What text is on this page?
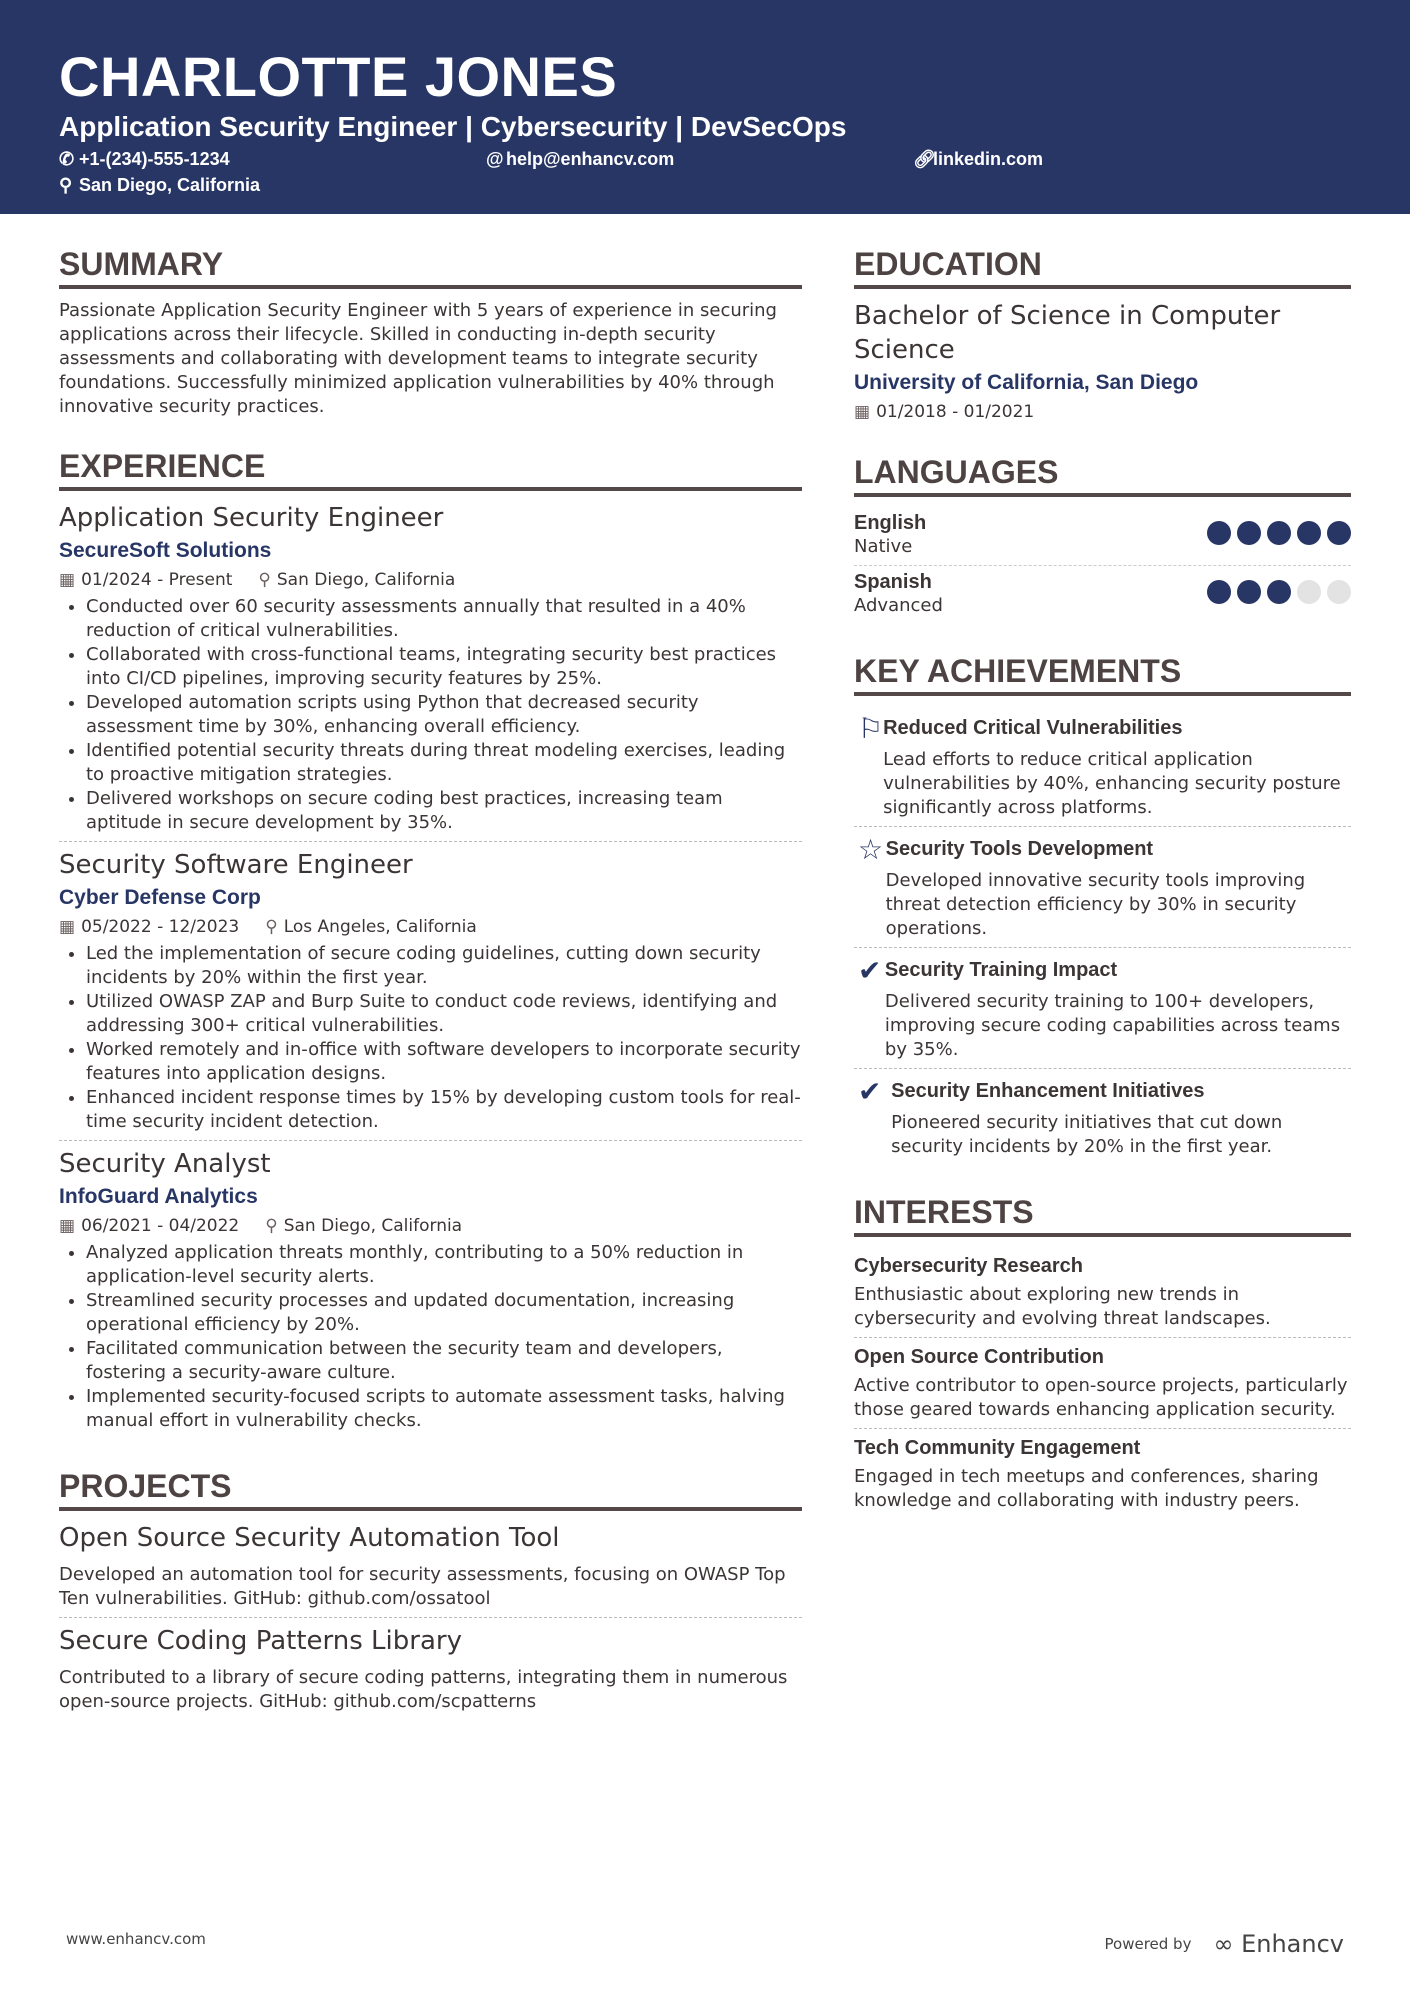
CHARLOTTE JONES
Application Security Engineer | Cybersecurity | DevSecOps
✆ +1-(234)-555-1234	@ help@enhancv.com	🔗︎linkedin.com
⚲ San Diego, California
SUMMARY

Passionate Application Security Engineer with 5 years of experience in securing applications across their lifecycle. Skilled in conducting in-depth security assessments and collaborating with development teams to integrate security foundations. Successfully minimized application vulnerabilities by 40% through innovative security practices.

EXPERIENCE
Application Security Engineer
SecureSoft Solutions
▦ 01/2024 - Present ⚲ San Diego, California
• Conducted over 60 security assessments annually that resulted in a 40% reduction of critical vulnerabilities.
• Collaborated with cross-functional teams, integrating security best practices into CI/CD pipelines, improving security features by 25%.
• Developed automation scripts using Python that decreased security assessment time by 30%, enhancing overall efficiency.
• Identified potential security threats during threat modeling exercises, leading to proactive mitigation strategies.
• Delivered workshops on secure coding best practices, increasing team aptitude in secure development by 35%.
Security Software Engineer
Cyber Defense Corp
▦ 05/2022 - 12/2023 ⚲ Los Angeles, California
• Led the implementation of secure coding guidelines, cutting down security incidents by 20% within the first year.
• Utilized OWASP ZAP and Burp Suite to conduct code reviews, identifying and addressing 300+ critical vulnerabilities.
• Worked remotely and in-office with software developers to incorporate security features into application designs.
• Enhanced incident response times by 15% by developing custom tools for real-time security incident detection.
Security Analyst
InfoGuard Analytics
▦ 06/2021 - 04/2022 ⚲ San Diego, California
• Analyzed application threats monthly, contributing to a 50% reduction in application-level security alerts.
• Streamlined security processes and updated documentation, increasing operational efficiency by 20%.
• Facilitated communication between the security team and developers, fostering a security-aware culture.
• Implemented security-focused scripts to automate assessment tasks, halving manual effort in vulnerability checks.
PROJECTS
Open Source Security Automation Tool

Developed an automation tool for security assessments, focusing on OWASP Top Ten vulnerabilities. GitHub: github.com/ossatool

Secure Coding Patterns Library

Contributed to a library of secure coding patterns, integrating them in numerous open-source projects. GitHub: github.com/scpatterns

EDUCATION
Bachelor of Science in Computer Science
University of California, San Diego
▦ 01/2018 - 01/2021
LANGUAGES
English
Native
Spanish
Advanced
KEY ACHIEVEMENTS
⚐ Reduced Critical Vulnerabilities

Lead efforts to reduce critical application vulnerabilities by 40%, enhancing security posture significantly across platforms.

☆ Security Tools Development

Developed innovative security tools improving threat detection efficiency by 30% in security operations.

✔ Security Training Impact

Delivered security training to 100+ developers, improving secure coding capabilities across teams by 35%.

✔ Security Enhancement Initiatives

Pioneered security initiatives that cut down security incidents by 20% in the first year.

INTERESTS
Cybersecurity Research

Enthusiastic about exploring new trends in cybersecurity and evolving threat landscapes.

Open Source Contribution

Active contributor to open-source projects, particularly those geared towards enhancing application security.

Tech Community Engagement

Engaged in tech meetups and conferences, sharing knowledge and collaborating with industry peers.

www.enhancv.com	Powered by ∞ Enhancv
